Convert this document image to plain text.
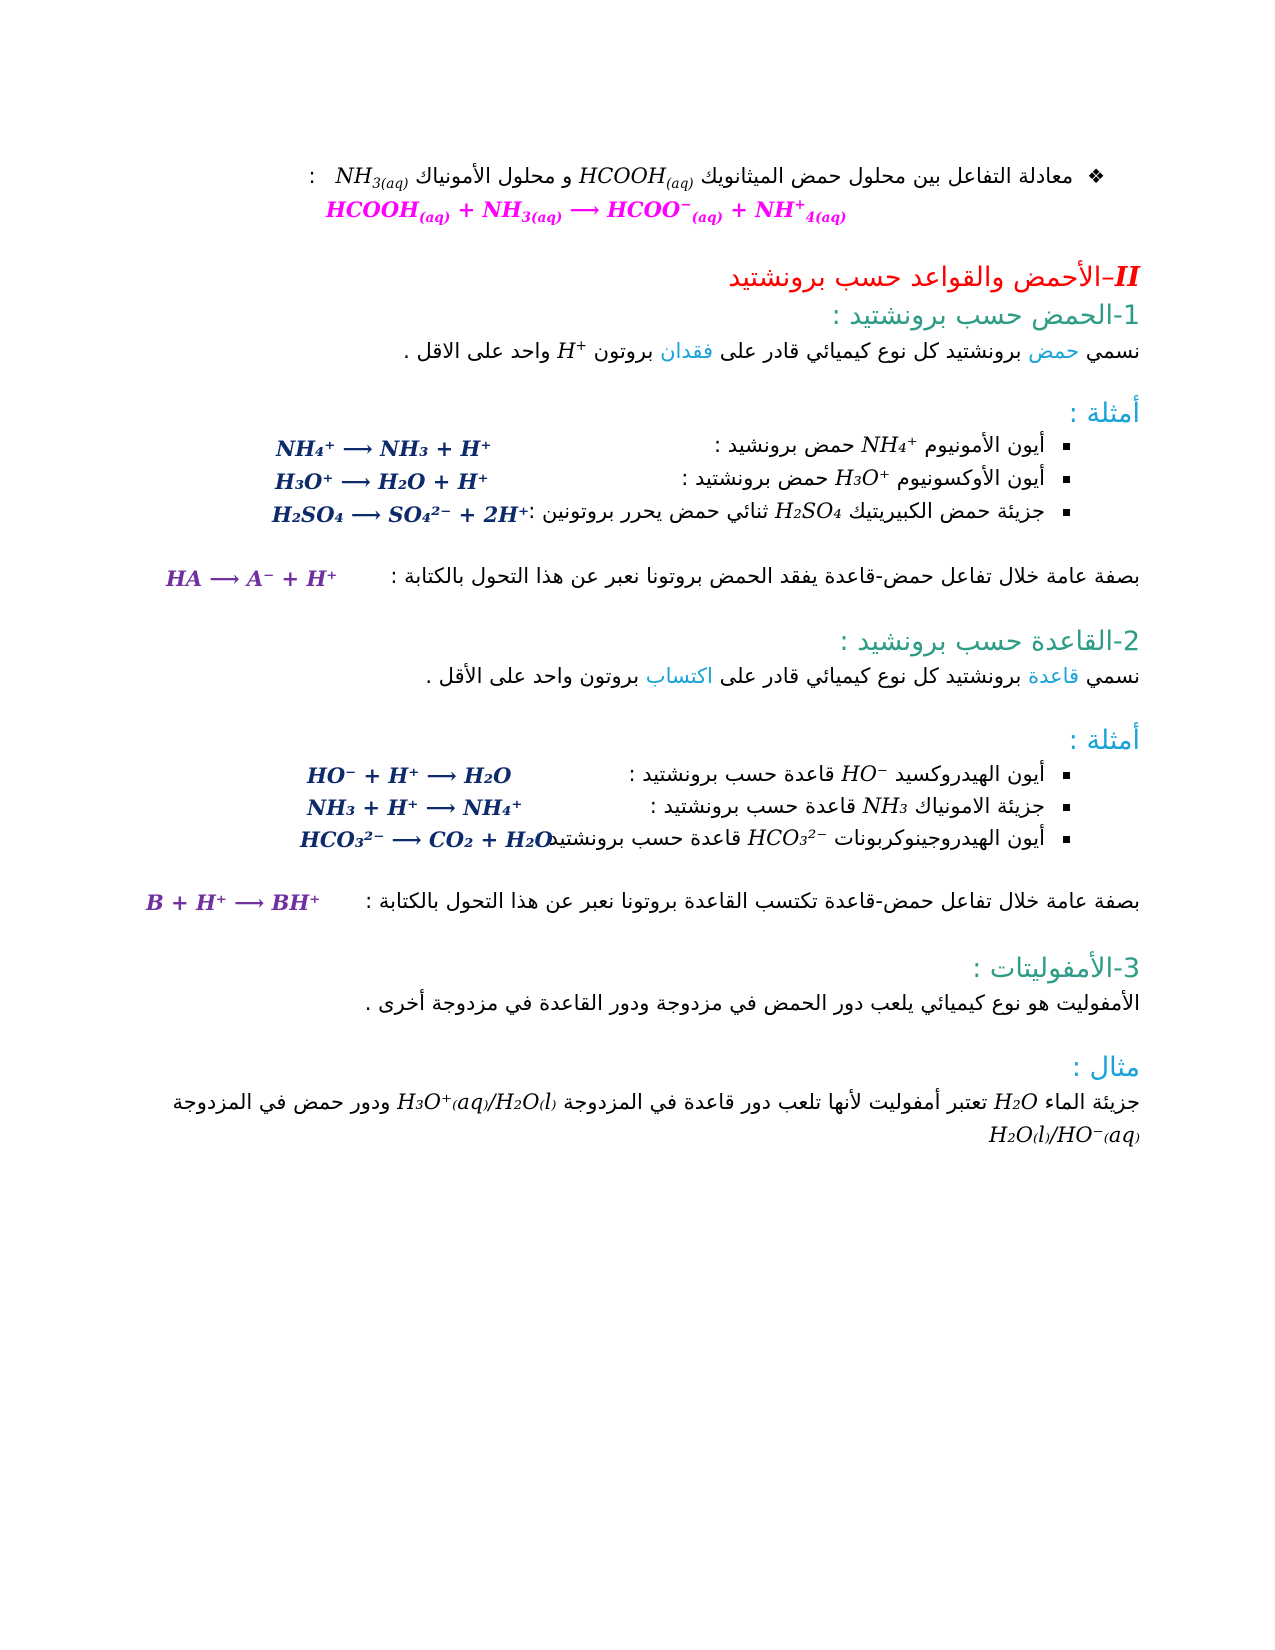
❖معادلة التفاعل بين محلول حمض الميثانويك $HCOOH_{(aq)}$ و محلول الأمونياك $NH_{3(aq)}$   :
$HCOOH_{(aq)} + NH_{3(aq)}$ ⟶ $HCOO^-_{(aq)} + NH^+_{4(aq)}$
II–الأحمض والقواعد حسب برونشتيد
1-الحمض حسب برونشتيد :
نسمي حمض برونشتيد كل نوع كيميائي قادر على فقدان بروتون H+ واحد على الاقل .
أمثلة :
أيون الأمونيوم NH₄⁺ حمض برونشيد :
NH₄⁺ ⟶ NH₃ + H⁺
أيون الأوكسونيوم H₃O⁺ حمض برونشتيد :
H₃O⁺ ⟶ H₂O + H⁺
جزيئة حمض الكبيريتيك H₂SO₄ ثنائي حمض يحرر بروتونين :
H₂SO₄ ⟶ SO₄²⁻ + 2H⁺
بصفة عامة خلال تفاعل حمض-قاعدة يفقد الحمض بروتونا نعبر عن هذا التحول بالكتابة :
HA ⟶ A⁻ + H⁺
2-القاعدة حسب برونشيد :
نسمي قاعدة برونشتيد كل نوع كيميائي قادر على اكتساب بروتون واحد على الأقل .
أمثلة :
أيون الهيدروكسيد HO⁻ قاعدة حسب برونشتيد :
HO⁻ + H⁺ ⟶ H₂O
جزيئة الامونياك NH₃ قاعدة حسب برونشتيد :
NH₃ + H⁺ ⟶ NH₄⁺
أيون الهيدروجينوكربونات HCO₃²⁻ قاعدة حسب برونشتيد :
HCO₃²⁻ ⟶ CO₂ + H₂O
بصفة عامة خلال تفاعل حمض-قاعدة تكتسب القاعدة بروتونا نعبر عن هذا التحول بالكتابة :
B + H⁺ ⟶ BH⁺
3-الأمفوليتات :
الأمفوليت هو نوع كيميائي يلعب دور الحمض في مزدوجة ودور القاعدة في مزدوجة أخرى .
مثال :
جزيئة الماء H₂O تعتبر أمفوليت لأنها تلعب دور قاعدة في المزدوجة H₃O⁺₍aq₎/H₂O₍l₎ ودور حمض في المزدوجة
H₂O₍l₎/HO⁻₍aq₎
